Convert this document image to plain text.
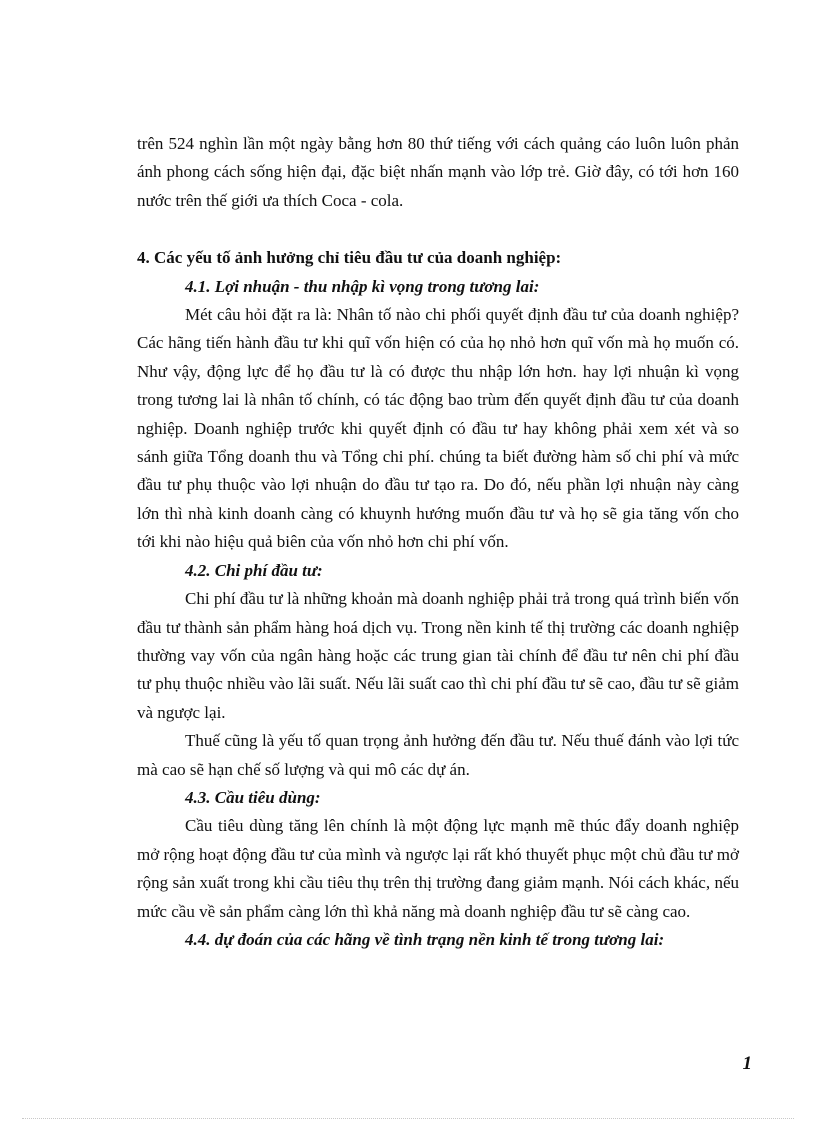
trên 524 nghìn lần một ngày bằng hơn 80 thứ tiếng với cách quảng cáo luôn luôn phản ánh phong cách sống hiện đại, đặc biệt nhấn mạnh vào lớp trẻ. Giờ đây, có tới hơn 160 nước trên thế giới ưa thích Coca - cola.

4. Các yếu tố ảnh hưởng chỉ tiêu đầu tư của doanh nghiệp:

4.1. Lợi nhuận - thu nhập kì vọng trong tương lai:

Mét câu hỏi đặt ra là: Nhân tố nào chi phối quyết định đầu tư của doanh nghiệp? Các hãng tiến hành đầu tư khi quĩ vốn hiện có của họ nhỏ hơn quĩ vốn mà họ muốn có. Như vậy, động lực để họ đầu tư là có được thu nhập lớn hơn. hay lợi nhuận kì vọng trong tương lai là nhân tố chính, có tác động bao trùm đến quyết định đầu tư của doanh nghiệp. Doanh nghiệp trước khi quyết định có đầu tư hay không phải xem xét và so sánh giữa Tổng doanh thu và Tổng chi phí. chúng ta biết đường hàm số chi phí và mức đầu tư phụ thuộc vào lợi nhuận do đầu tư tạo ra. Do đó, nếu phần lợi nhuận này càng lớn thì nhà kinh doanh càng có khuynh hướng muốn đầu tư và họ sẽ gia tăng vốn cho tới khi nào hiệu quả biên của vốn nhỏ hơn chi phí vốn.

4.2. Chi phí đầu tư:

Chi phí đầu tư là những khoản mà doanh nghiệp phải trả trong quá trình biến vốn đầu tư thành sản phẩm hàng hoá dịch vụ. Trong nền kinh tế thị trường các doanh nghiệp thường vay vốn của ngân hàng hoặc các trung gian tài chính để đầu tư nên chi phí đầu tư phụ thuộc nhiều vào lãi suất. Nếu lãi suất cao thì chi phí đầu tư sẽ cao, đầu tư sẽ giảm và ngược lại.

Thuế cũng là yếu tố quan trọng ảnh hưởng đến đầu tư. Nếu thuế đánh vào lợi tức mà cao sẽ hạn chế số lượng và qui mô các dự án.

4.3. Cầu tiêu dùng:

Cầu tiêu dùng tăng lên chính là một động lực mạnh mẽ thúc đẩy doanh nghiệp mở rộng hoạt động đầu tư của mình và ngược lại rất khó thuyết phục một chủ đầu tư mở rộng sản xuất trong khi cầu tiêu thụ trên thị trường đang giảm mạnh. Nói cách khác, nếu mức cầu về sản phẩm càng lớn thì khả năng mà doanh nghiệp đầu tư sẽ càng cao.

4.4. dự đoán của các hãng về tình trạng nền kinh tế trong tương lai:

1
